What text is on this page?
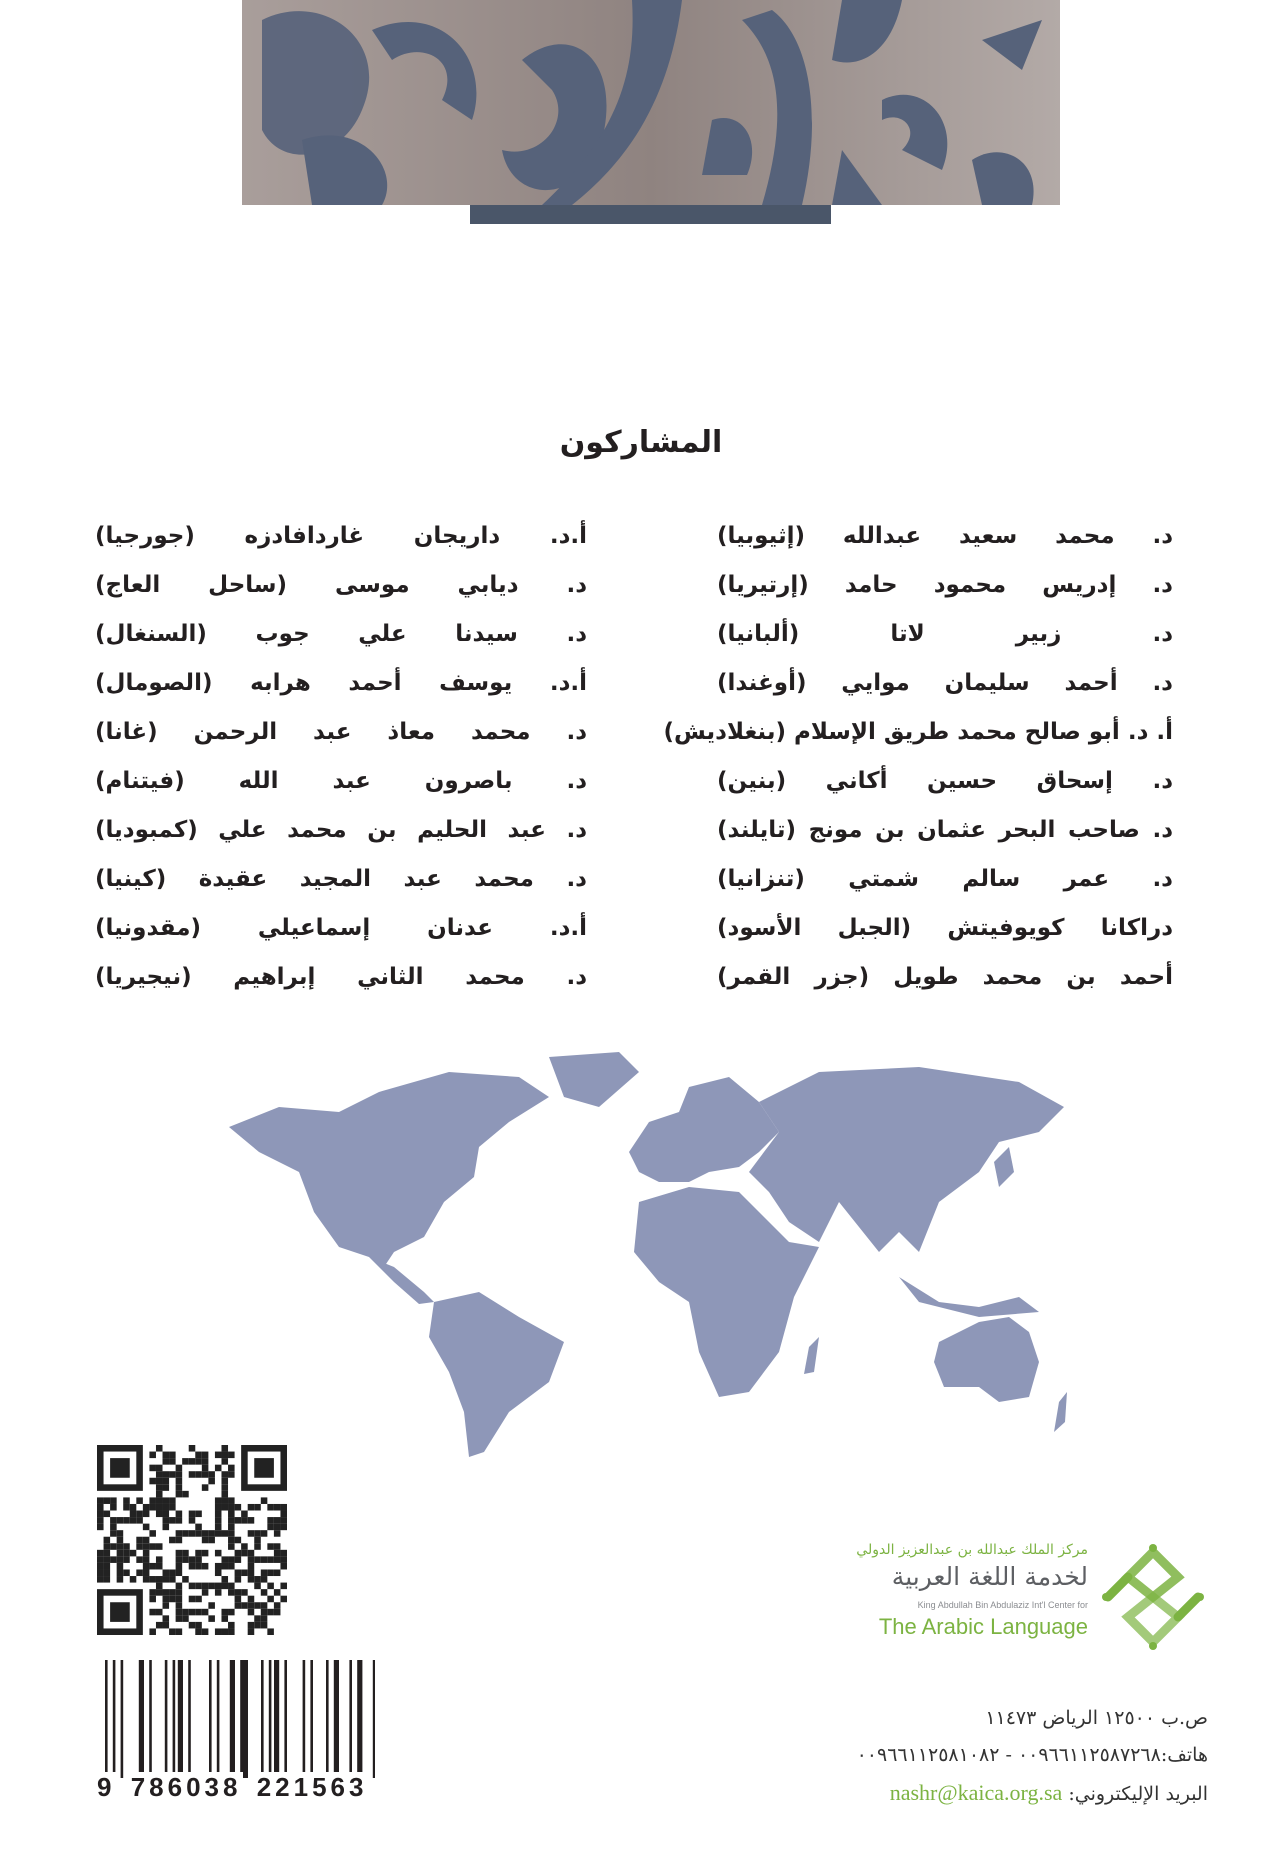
المشاركون
د. محمد سعيد عبدالله (إثيوبيا)
د. إدريس محمود حامد (إرتيريا)
د. زبير لاتا (ألبانيا)
د. أحمد سليمان موايي (أوغندا)
أ. د. أبو صالح محمد طريق الإسلام (بنغلاديش)
د. إسحاق حسين أكاني (بنين)
د. صاحب البحر عثمان بن مونج (تايلند)
د. عمر سالم شمتي (تنزانيا)
دراكانا كويوفيتش (الجبل الأسود)
أحمد بن محمد طويل (جزر القمر)
أ.د. داريجان غاردافادزه (جورجيا)
د. ديابي موسى (ساحل العاج)
د. سيدنا علي جوب (السنغال)
أ.د. يوسف أحمد هرابه (الصومال)
د. محمد معاذ عبد الرحمن (غانا)
د. باصرون عبد الله (فيتنام)
د. عبد الحليم بن محمد علي (كمبوديا)
د. محمد عبد المجيد عقيدة (كينيا)
أ.د. عدنان إسماعيلي (مقدونيا)
د. محمد الثاني إبراهيم (نيجيريا)
9 786038 221563
مركز الملك عبدالله بن عبدالعزيز الدولي
لخدمة اللغة العربية
King Abdullah Bin Abdulaziz Int'l Center for
The Arabic Language
ص.ب ١٢٥٠٠ الرياض ١١٤٧٣
هاتف:٠٠٩٦٦١١٢٥٨٧٢٦٨ - ٠٠٩٦٦١١٢٥٨١٠٨٢
البريد الإليكتروني: nashr@kaica.org.sa
